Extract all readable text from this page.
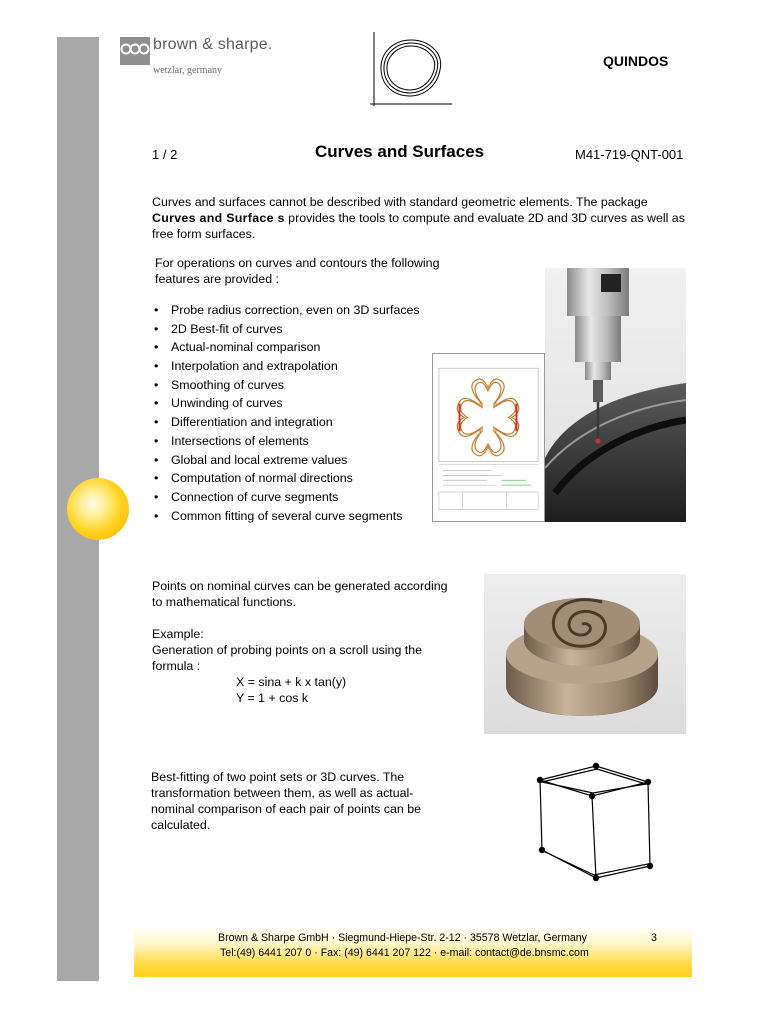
brown & sharpe.
wetzlar, germany
QUINDOS
1 / 2	Curves and Surfaces	M41-719-QNT-001
Curves and surfaces cannot be described with standard geometric elements. The package Curves and Surface s provides the tools to compute and evaluate 2D and 3D curves as well as free form surfaces.
For operations on curves and contours the following features are provided :
• Probe radius correction, even on 3D surfaces
• 2D Best-fit of curves
• Actual-nominal comparison
• Interpolation and extrapolation
• Smoothing of curves
• Unwinding of curves
• Differentiation and integration
• Intersections of elements
• Global and local extreme values
• Computation of normal directions
• Connection of curve segments
• Common fitting of several curve segments
Points on nominal curves can be generated according to mathematical functions.
Example:
Generation of probing points on a scroll using the formula :
X = sina + k x tan(y)
Y = 1 + cos k
Best-fitting of two point sets or 3D curves. The transformation between them, as well as actual-nominal comparison of each pair of points can be calculated.
Brown & Sharpe GmbH · Siegmund-Hiepe-Str. 2-12 · 35578 Wetzlar, Germany
Tel:(49) 6441 207 0 · Fax: (49) 6441 207 122 · e-mail: contact@de.bnsmc.com
3
